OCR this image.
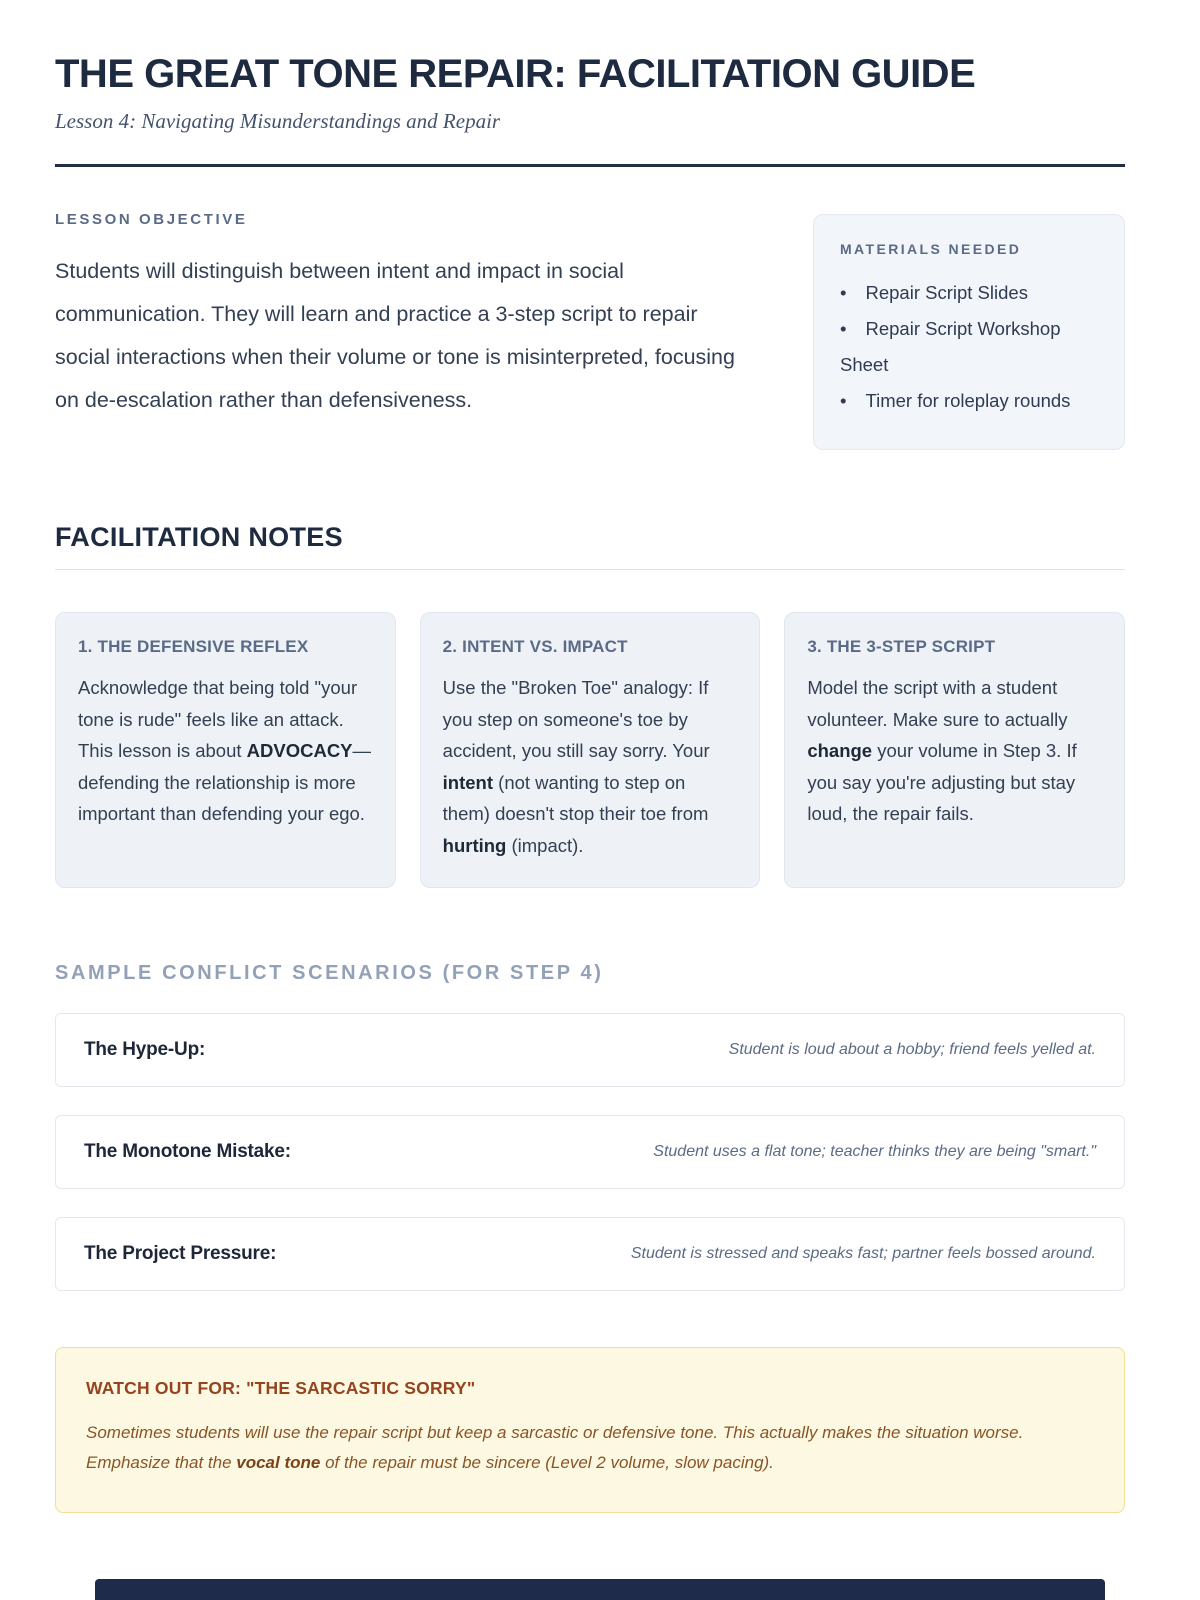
THE GREAT TONE REPAIR: FACILITATION GUIDE
Lesson 4: Navigating Misunderstandings and Repair
LESSON OBJECTIVE
Students will distinguish between intent and impact in social communication. They will learn and practice a 3-step script to repair social interactions when their volume or tone is misinterpreted, focusing on de-escalation rather than defensiveness.
MATERIALS NEEDED
• Repair Script Slides
• Repair Script Workshop Sheet
• Timer for roleplay rounds
FACILITATION NOTES
1. THE DEFENSIVE REFLEX
Acknowledge that being told "your tone is rude" feels like an attack. This lesson is about ADVOCACY—defending the relationship is more important than defending your ego.
2. INTENT VS. IMPACT
Use the "Broken Toe" analogy: If you step on someone's toe by accident, you still say sorry. Your intent (not wanting to step on them) doesn't stop their toe from hurting (impact).
3. THE 3-STEP SCRIPT
Model the script with a student volunteer. Make sure to actually change your volume in Step 3. If you say you're adjusting but stay loud, the repair fails.
SAMPLE CONFLICT SCENARIOS (FOR STEP 4)
The Hype-Up:	Student is loud about a hobby; friend feels yelled at.
The Monotone Mistake:	Student uses a flat tone; teacher thinks they are being "smart."
The Project Pressure:	Student is stressed and speaks fast; partner feels bossed around.
WATCH OUT FOR: "THE SARCASTIC SORRY"
Sometimes students will use the repair script but keep a sarcastic or defensive tone. This actually makes the situation worse. Emphasize that the vocal tone of the repair must be sincere (Level 2 volume, slow pacing).
